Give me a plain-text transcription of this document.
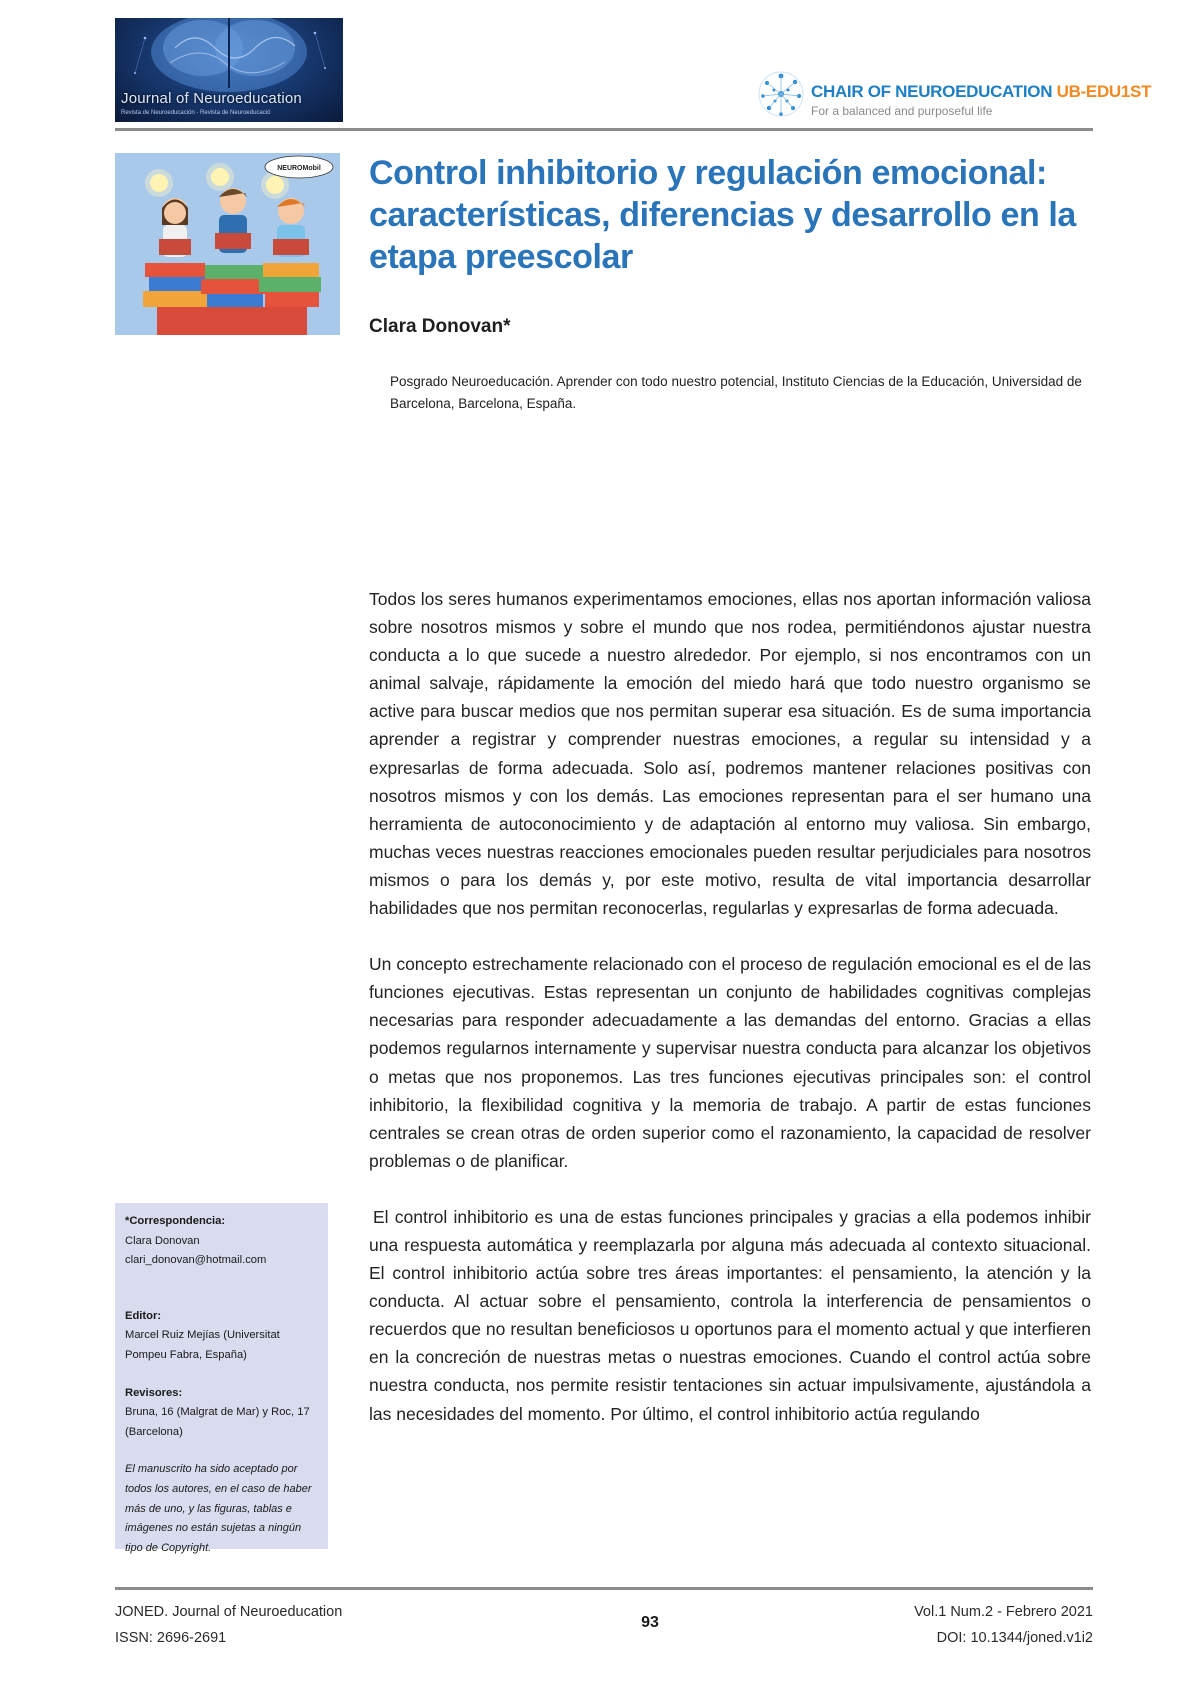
Journal of Neuroeducation
Revista de Neuroeducación - Revista de Neuroeducació
CHAIR OF NEUROEDUCATION UB-EDU1ST
For a balanced and purposeful life
NEUROMobil Control inhibitorio y regulación emocional: características, diferencias y desarrollo en la etapa preescolar
Clara Donovan*
Posgrado Neuroeducación. Aprender con todo nuestro potencial, Instituto Ciencias de la Educación, Universidad de Barcelona, Barcelona, España.

Todos los seres humanos experimentamos emociones, ellas nos aportan información valiosa sobre nosotros mismos y sobre el mundo que nos rodea, permitiéndonos ajustar nuestra conducta a lo que sucede a nuestro alrededor. Por ejemplo, si nos encontramos con un animal salvaje, rápidamente la emoción del miedo hará que todo nuestro organismo se active para buscar medios que nos permitan superar esa situación. Es de suma importancia aprender a registrar y comprender nuestras emociones, a regular su intensidad y a expresarlas de forma adecuada. Solo así, podremos mantener relaciones positivas con nosotros mismos y con los demás. Las emociones representan para el ser humano una herramienta de autoconocimiento y de adaptación al entorno muy valiosa. Sin embargo, muchas veces nuestras reacciones emocionales pueden resultar perjudiciales para nosotros mismos o para los demás y, por este motivo, resulta de vital importancia desarrollar habilidades que nos permitan reconocerlas, regularlas y expresarlas de forma adecuada.

Un concepto estrechamente relacionado con el proceso de regulación emocional es el de las funciones ejecutivas. Estas representan un conjunto de habilidades cognitivas complejas necesarias para responder adecuadamente a las demandas del entorno. Gracias a ellas podemos regularnos internamente y supervisar nuestra conducta para alcanzar los objetivos o metas que nos proponemos. Las tres funciones ejecutivas principales son: el control inhibitorio, la flexibilidad cognitiva y la memoria de trabajo. A partir de estas funciones centrales se crean otras de orden superior como el razonamiento, la capacidad de resolver problemas o de planificar.

El control inhibitorio es una de estas funciones principales y gracias a ella podemos inhibir una respuesta automática y reemplazarla por alguna más adecuada al contexto situacional. El control inhibitorio actúa sobre tres áreas importantes: el pensamiento, la atención y la conducta. Al actuar sobre el pensamiento, controla la interferencia de pensamientos o recuerdos que no resultan beneficiosos u oportunos para el momento actual y que interfieren en la concreción de nuestras metas o nuestras emociones. Cuando el control actúa sobre nuestra conducta, nos permite resistir tentaciones sin actuar impulsivamente, ajustándola a las necesidades del momento. Por último, el control inhibitorio actúa regulando

*Correspondencia:
Clara Donovan
clari_donovan@hotmail.com
Editor:
Marcel Ruiz Mejías (Universitat Pompeu Fabra, España)
Revisores:
Bruna, 16 (Malgrat de Mar) y Roc, 17 (Barcelona)
El manuscrito ha sido aceptado por todos los autores, en el caso de haber más de uno, y las figuras, tablas e imágenes no están sujetas a ningún tipo de Copyright.
JONED. Journal of Neuroeducation
ISSN: 2696-2691
93
Vol.1 Num.2 - Febrero 2021
DOI: 10.1344/joned.v1i2
